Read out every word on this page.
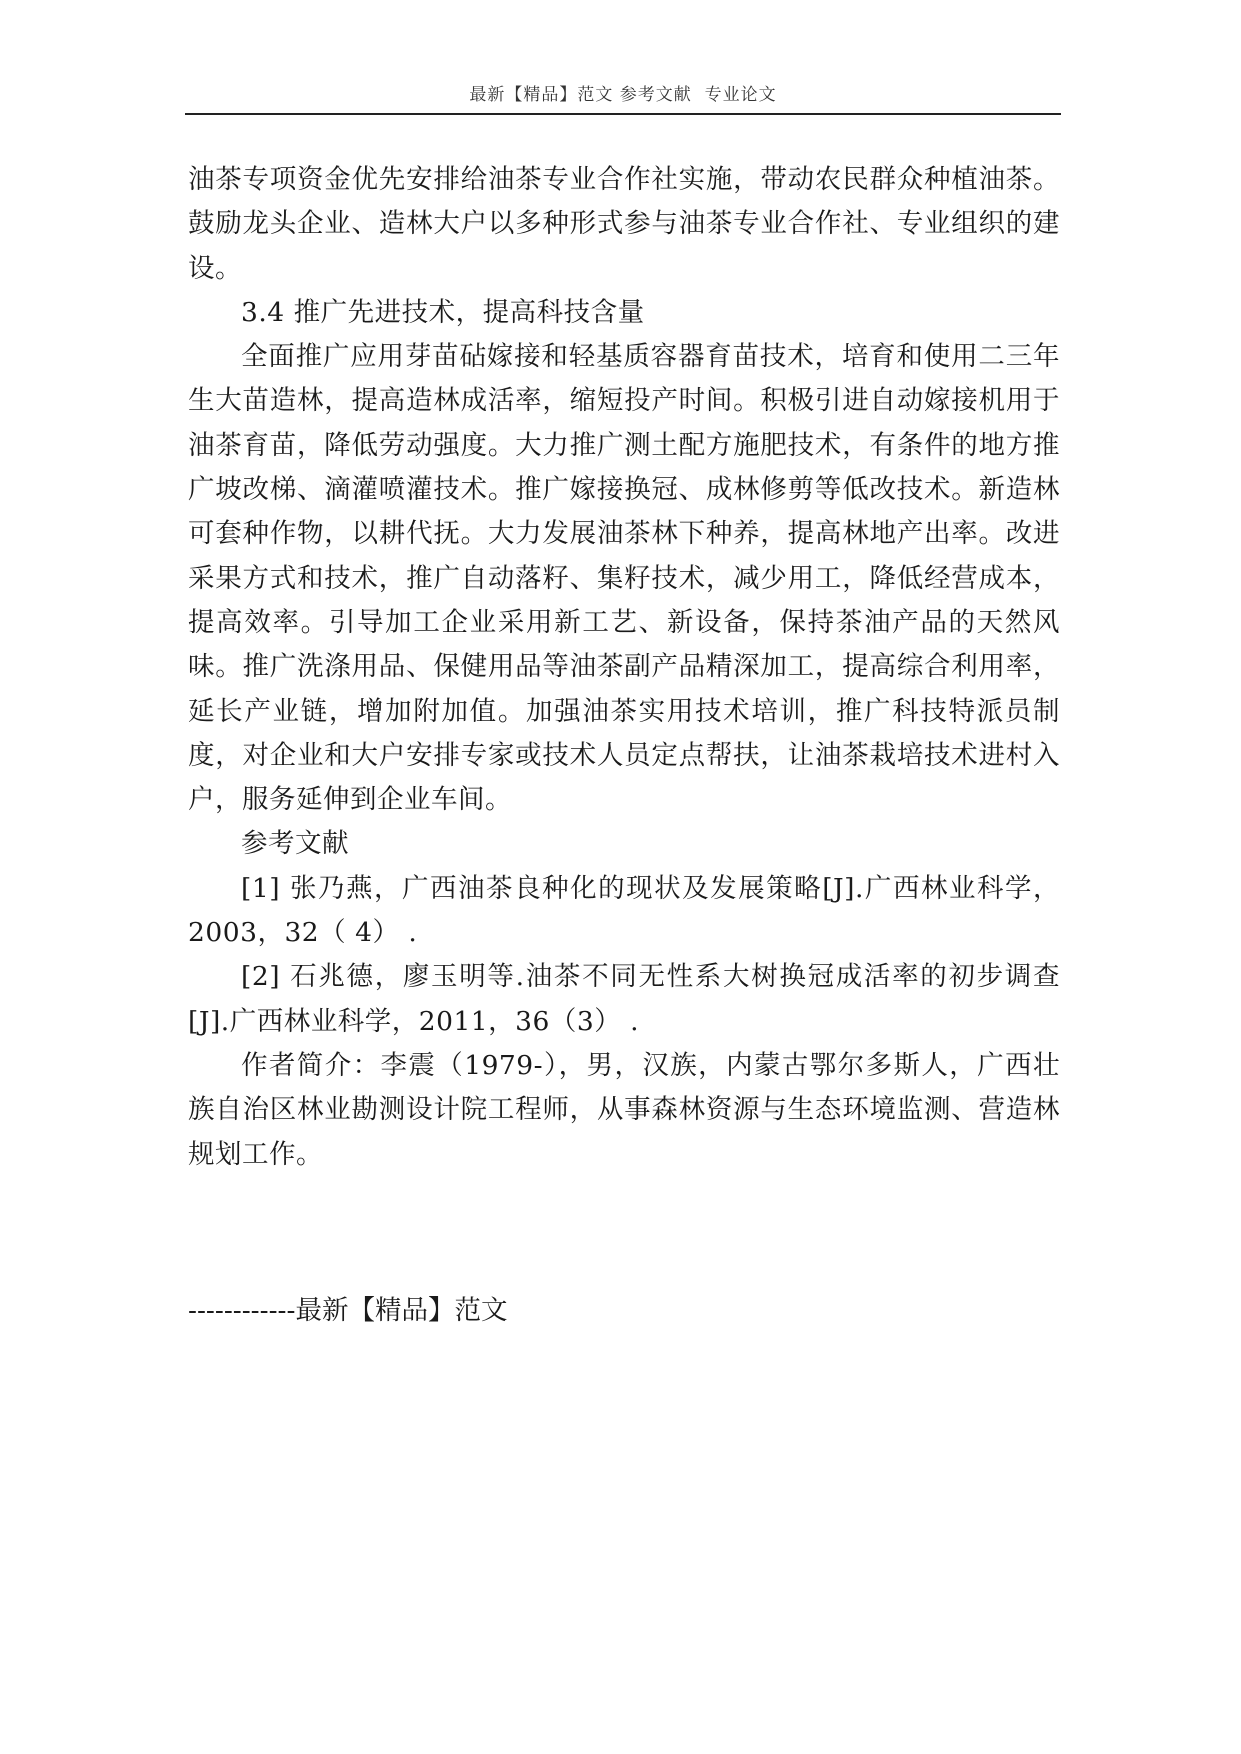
最新【精品】范文 参考文献  专业论文

油茶专项资金优先安排给油茶专业合作社实施，带动农民群众种植油茶。鼓励龙头企业、造林大户以多种形式参与油茶专业合作社、专业组织的建设。

3.4 推广先进技术，提高科技含量

全面推广应用芽苗砧嫁接和轻基质容器育苗技术，培育和使用二三年生大苗造林，提高造林成活率，缩短投产时间。积极引进自动嫁接机用于油茶育苗，降低劳动强度。大力推广测土配方施肥技术，有条件的地方推广坡改梯、滴灌喷灌技术。推广嫁接换冠、成林修剪等低改技术。新造林可套种作物，以耕代抚。大力发展油茶林下种养，提高林地产出率。改进采果方式和技术，推广自动落籽、集籽技术，减少用工，降低经营成本，提高效率。引导加工企业采用新工艺、新设备，保持茶油产品的天然风味。推广洗涤用品、保健用品等油茶副产品精深加工，提高综合利用率，延长产业链，增加附加值。加强油茶实用技术培训，推广科技特派员制度，对企业和大户安排专家或技术人员定点帮扶，让油茶栽培技术进村入户，服务延伸到企业车间。

参考文献

[1] 张乃燕，广西油茶良种化的现状及发展策略[J].广西林业科学，2003，32（ 4） .

[2] 石兆德，廖玉明等.油茶不同无性系大树换冠成活率的初步调查[J].广西林业科学，2011，36（3） .

作者简介：李震（1979-），男，汉族，内蒙古鄂尔多斯人，广西壮族自治区林业勘测设计院工程师，从事森林资源与生态环境监测、营造林规划工作。

------------最新【精品】范文
